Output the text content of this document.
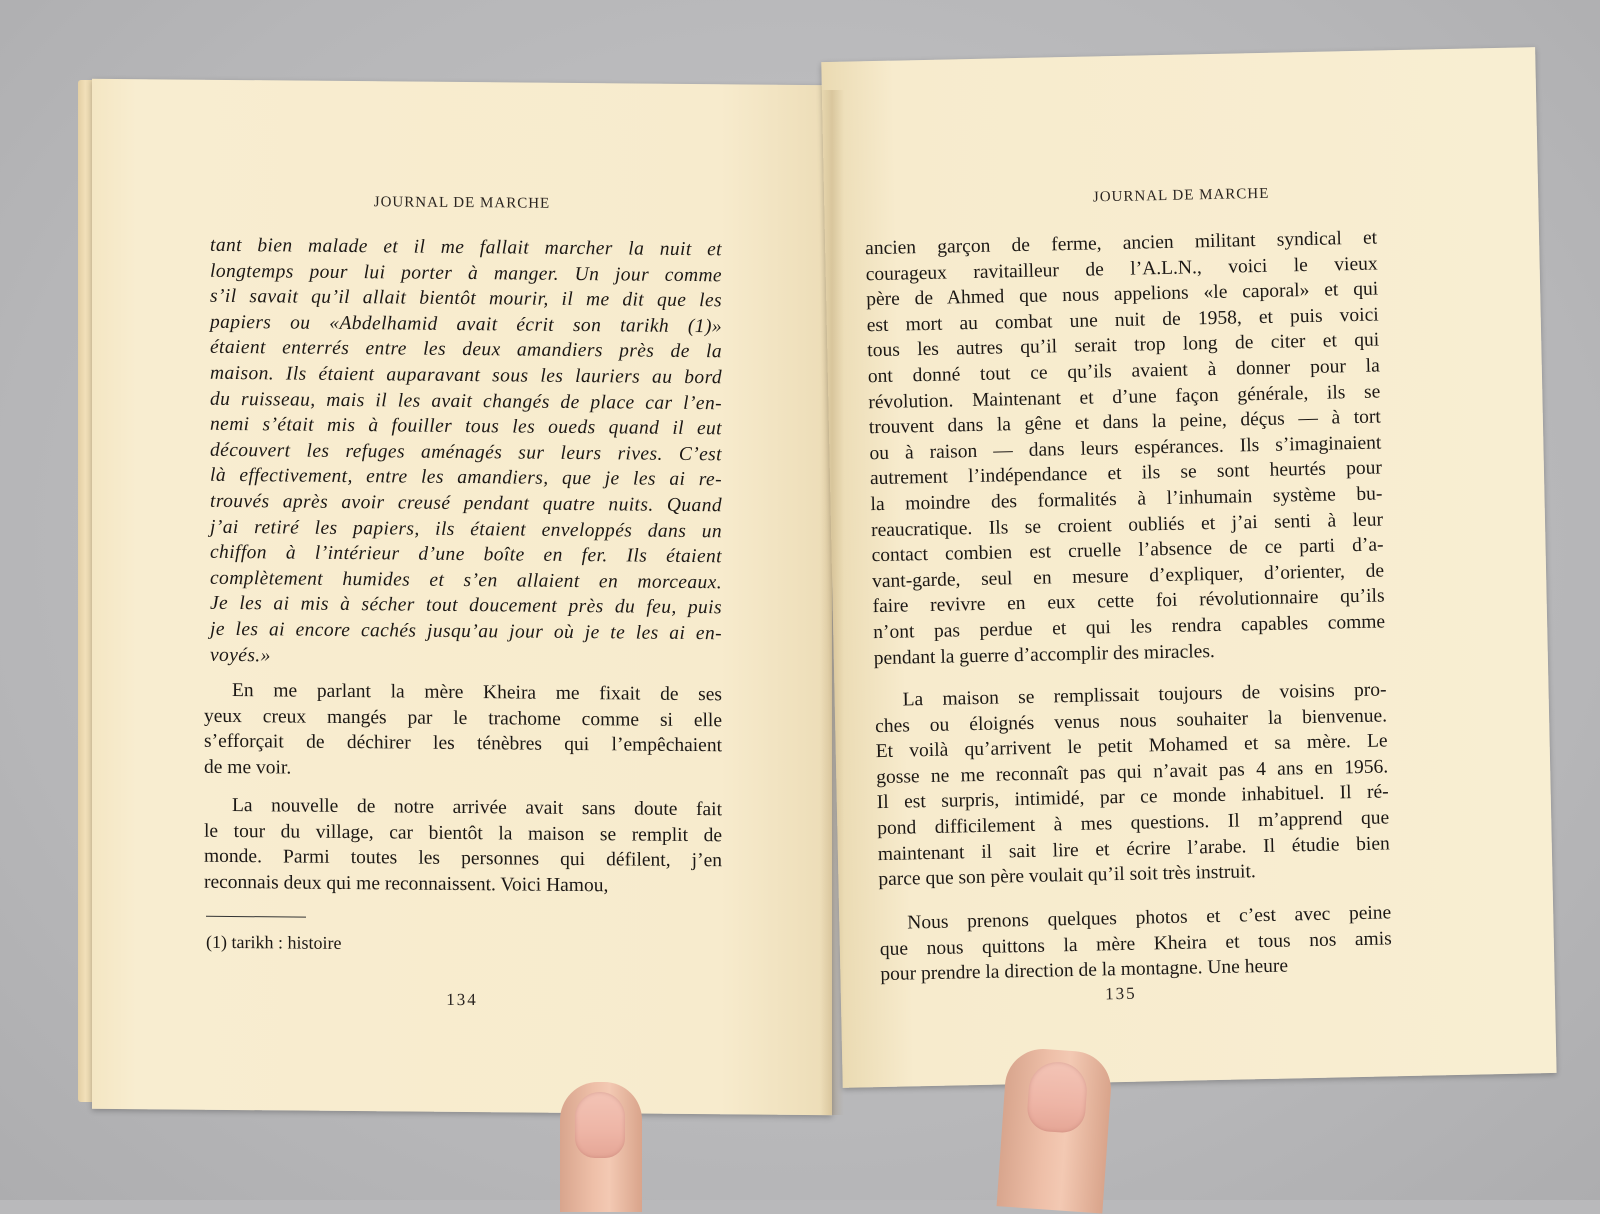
JOURNAL DE MARCHE
tant bien malade et il me fallait marcher la nuit et
longtemps pour lui porter à manger. Un jour comme
s’il savait qu’il allait bientôt mourir, il me dit que les
papiers ou «Abdelhamid avait écrit son tarikh (1)»
étaient enterrés entre les deux amandiers près de la
maison. Ils étaient auparavant sous les lauriers au bord
du ruisseau, mais il les avait changés de place car l’en-
nemi s’était mis à fouiller tous les oueds quand il eut
découvert les refuges aménagés sur leurs rives. C’est
là effectivement, entre les amandiers, que je les ai re-
trouvés après avoir creusé pendant quatre nuits. Quand
j’ai retiré les papiers, ils étaient enveloppés dans un
chiffon à l’intérieur d’une boîte en fer. Ils étaient
complètement humides et s’en allaient en morceaux.
Je les ai mis à sécher tout doucement près du feu, puis
je les ai encore cachés jusqu’au jour où je te les ai en-
voyés.»
En me parlant la mère Kheira me fixait de ses
yeux creux mangés par le trachome comme si elle
s’efforçait de déchirer les ténèbres qui l’empêchaient
de me voir.
La nouvelle de notre arrivée avait sans doute fait
le tour du village, car bientôt la maison se remplit de
monde. Parmi toutes les personnes qui défilent, j’en
reconnais deux qui me reconnaissent. Voici Hamou,
(1) tarikh : histoire
134
JOURNAL DE MARCHE
ancien garçon de ferme, ancien militant syndical et
courageux ravitailleur de l’A.L.N., voici le vieux
père de Ahmed que nous appelions «le caporal» et qui
est mort au combat une nuit de 1958, et puis voici
tous les autres qu’il serait trop long de citer et qui
ont donné tout ce qu’ils avaient à donner pour la
révolution. Maintenant et d’une façon générale, ils se
trouvent dans la gêne et dans la peine, déçus — à tort
ou à raison — dans leurs espérances. Ils s’imaginaient
autrement l’indépendance et ils se sont heurtés pour
la moindre des formalités à l’inhumain système bu-
reaucratique. Ils se croient oubliés et j’ai senti à leur
contact combien est cruelle l’absence de ce parti d’a-
vant-garde, seul en mesure d’expliquer, d’orienter, de
faire revivre en eux cette foi révolutionnaire qu’ils
n’ont pas perdue et qui les rendra capables comme
pendant la guerre d’accomplir des miracles.
La maison se remplissait toujours de voisins pro-
ches ou éloignés venus nous souhaiter la bienvenue.
Et voilà qu’arrivent le petit Mohamed et sa mère. Le
gosse ne me reconnaît pas qui n’avait pas 4 ans en 1956.
Il est surpris, intimidé, par ce monde inhabituel. Il ré-
pond difficilement à mes questions. Il m’apprend que
maintenant il sait lire et écrire l’arabe. Il étudie bien
parce que son père voulait qu’il soit très instruit.
Nous prenons quelques photos et c’est avec peine
que nous quittons la mère Kheira et tous nos amis
pour prendre la direction de la montagne. Une heure
135
